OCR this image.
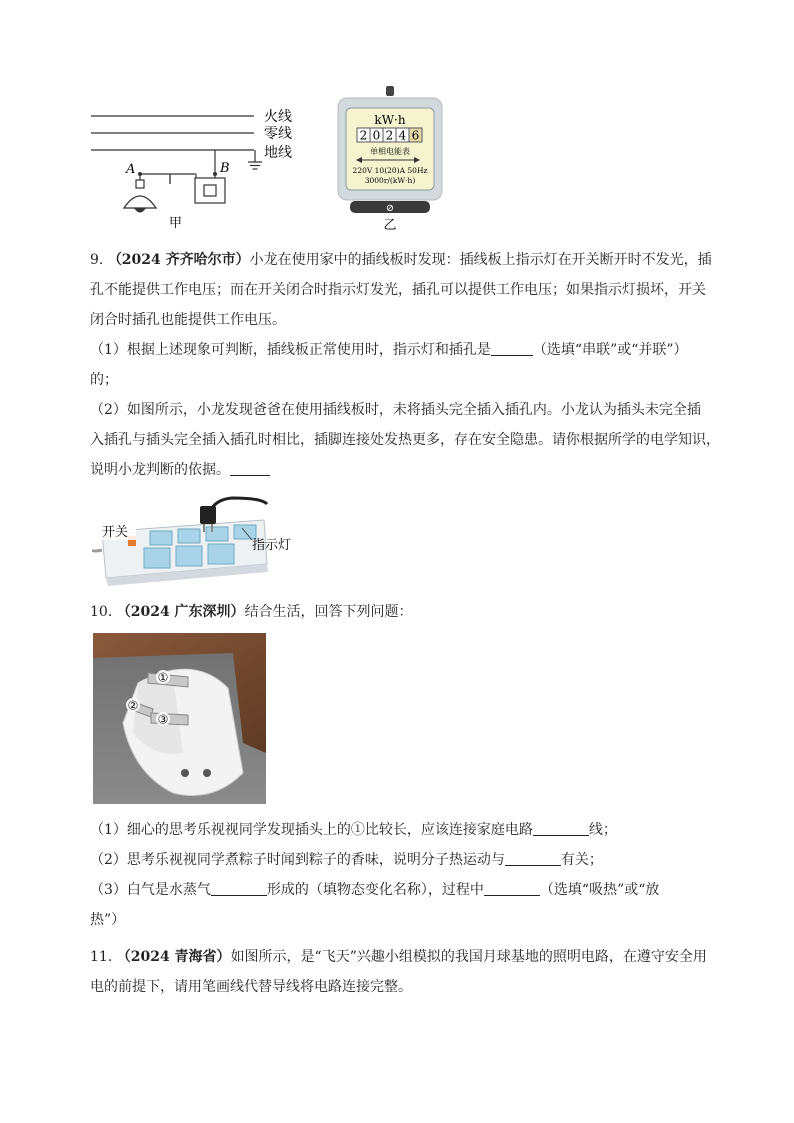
火线
零线
地线
A	B
甲
kW·h
2 0 2 4 6
单相电能表
220V 10(20)A 50Hz
3000r/(kW·h)
⊘
乙
9. （2024 齐齐哈尔市）小龙在使用家中的插线板时发现：插线板上指示灯在开关断开时不发光，插
孔不能提供工作电压；而在开关闭合时指示灯发光，插孔可以提供工作电压；如果指示灯损坏，开关
闭合时插孔也能提供工作电压。
（1）根据上述现象可判断，插线板正常使用时，指示灯和插孔是	（选填“串联”或“并联”）
的；
（2）如图所示，小龙发现爸爸在使用插线板时，未将插头完全插入插孔内。小龙认为插头未完全插
入插孔与插头完全插入插孔时相比，插脚连接处发热更多，存在安全隐患。请你根据所学的电学知识，
说明小龙判断的依据。
开关
指示灯
10. （2024 广东深圳）结合生活，回答下列问题：
①
②
③
（1）细心的思考乐视视同学发现插头上的①比较长，应该连接家庭电路	线；
（2）思考乐视视同学煮粽子时闻到粽子的香味，说明分子热运动与	有关；
（3）白气是水蒸气	形成的（填物态变化名称），过程中	（选填“吸热”或“放
热”）
11. （2024 青海省）如图所示，是“飞天”兴趣小组模拟的我国月球基地的照明电路，在遵守安全用
电的前提下，请用笔画线代替导线将电路连接完整。
